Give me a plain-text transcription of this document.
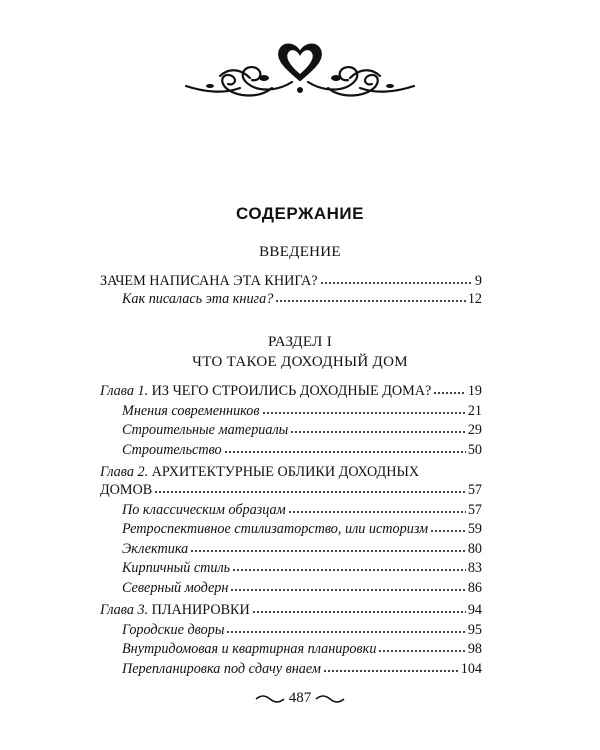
СОДЕРЖАНИЕ
ВВЕДЕНИЕ
ЗАЧЕМ НАПИСАНА ЭТА КНИГА?	9
Как писалась эта книга?	12
РАЗДЕЛ I
ЧТО ТАКОЕ ДОХОДНЫЙ ДОМ
Глава 1. ИЗ ЧЕГО СТРОИЛИСЬ ДОХОДНЫЕ ДОМА?	19
Мнения современников	21
Строительные материалы	29
Строительство	50
Глава 2. АРХИТЕКТУРНЫЕ ОБЛИКИ ДОХОДНЫХ
ДОМОВ	57
По классическим образцам	57
Ретроспективное стилизаторство, или историзм	59
Эклектика	80
Кирпичный стиль	83
Северный модерн	86
Глава 3. ПЛАНИРОВКИ	94
Городские дворы	95
Внутридомовая и квартирная планировки	98
Перепланировка под сдачу внаем	104
487
